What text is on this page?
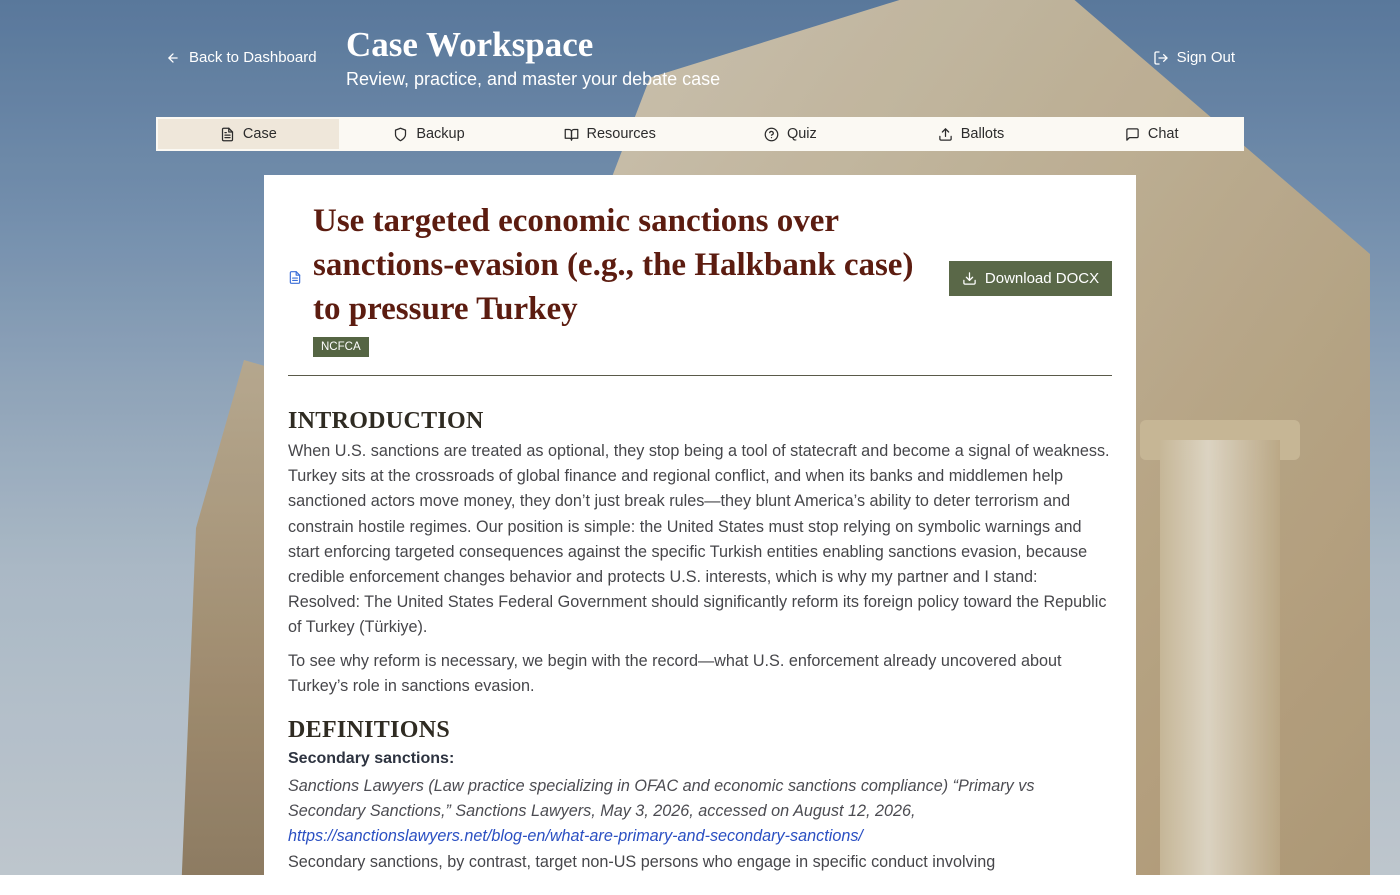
Back to Dashboard Case Workspace
Review, practice, and master your debate case
Sign Out
Case	Backup	Resources	Quiz	Ballots	Chat
Use targeted economic sanctions over sanctions-evasion (e.g., the Halkbank case) to pressure Turkey
NCFCA
Download DOCX
INTRODUCTION

When U.S. sanctions are treated as optional, they stop being a tool of statecraft and become a signal of weakness. Turkey sits at the crossroads of global finance and regional conflict, and when its banks and middlemen help sanctioned actors move money, they don’t just break rules—they blunt America’s ability to deter terrorism and constrain hostile regimes. Our position is simple: the United States must stop relying on symbolic warnings and start enforcing targeted consequences against the specific Turkish entities enabling sanctions evasion, because credible enforcement changes behavior and protects U.S. interests, which is why my partner and I stand: Resolved: The United States Federal Government should significantly reform its foreign policy toward the Republic of Turkey (Türkiye).

To see why reform is necessary, we begin with the record—what U.S. enforcement already uncovered about Turkey’s role in sanctions evasion.

DEFINITIONS
Secondary sanctions:

Sanctions Lawyers (Law practice specializing in OFAC and economic sanctions compliance) “Primary vs Secondary Sanctions,” Sanctions Lawyers, May 3, 2026, accessed on August 12, 2026,
https://sanctionslawyers.net/blog-en/what-are-primary-and-secondary-sanctions/

Secondary sanctions, by contrast, target non-US persons who engage in specific conduct involving
